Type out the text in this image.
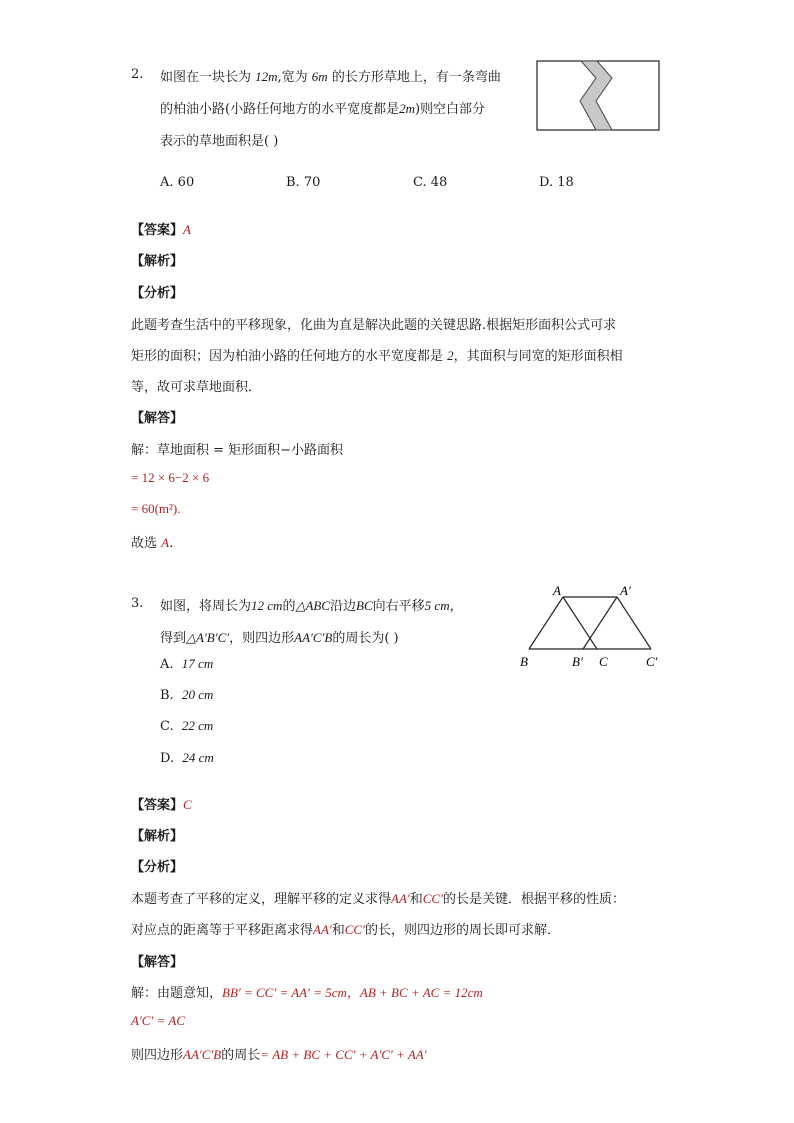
2. 如图在一块长为 12m,宽为 6m 的长方形草地上，有一条弯曲
的柏油小路(小路任何地方的水平宽度都是2m)则空白部分
表示的草地面积是( )
A. 60	B. 70	C. 48	D. 18
【答案】A
【解析】
【分析】
此题考查生活中的平移现象，化曲为直是解决此题的关键思路.根据矩形面积公式可求
矩形的面积；因为柏油小路的任何地方的水平宽度都是 2，其面积与同宽的矩形面积相
等，故可求草地面积．
【解答】
解：草地面积 = 矩形面积−小路面积
= 12 × 6−2 × 6
= 60(m²).
故选 A.
3. 如图，将周长为12 cm的△ABC沿边BC向右平移5 cm，
得到△A′B′C′，则四边形AA′C′B的周长为( )
A	A′
B	B′ C	C′
A. 17 cm
B. 20 cm
C. 22 cm
D. 24 cm
【答案】C
【解析】
【分析】
本题考查了平移的定义，理解平移的定义求得AA′和CC′的长是关键．根据平移的性质：
对应点的距离等于平移距离求得AA′和CC′的长，则四边形的周长即可求解．
【解答】
解：由题意知，BB′ = CC′ = AA′ = 5cm，AB + BC + AC = 12cm
A′C′ = AC
则四边形AA′C′B的周长= AB + BC + CC′ + A′C′ + AA′
